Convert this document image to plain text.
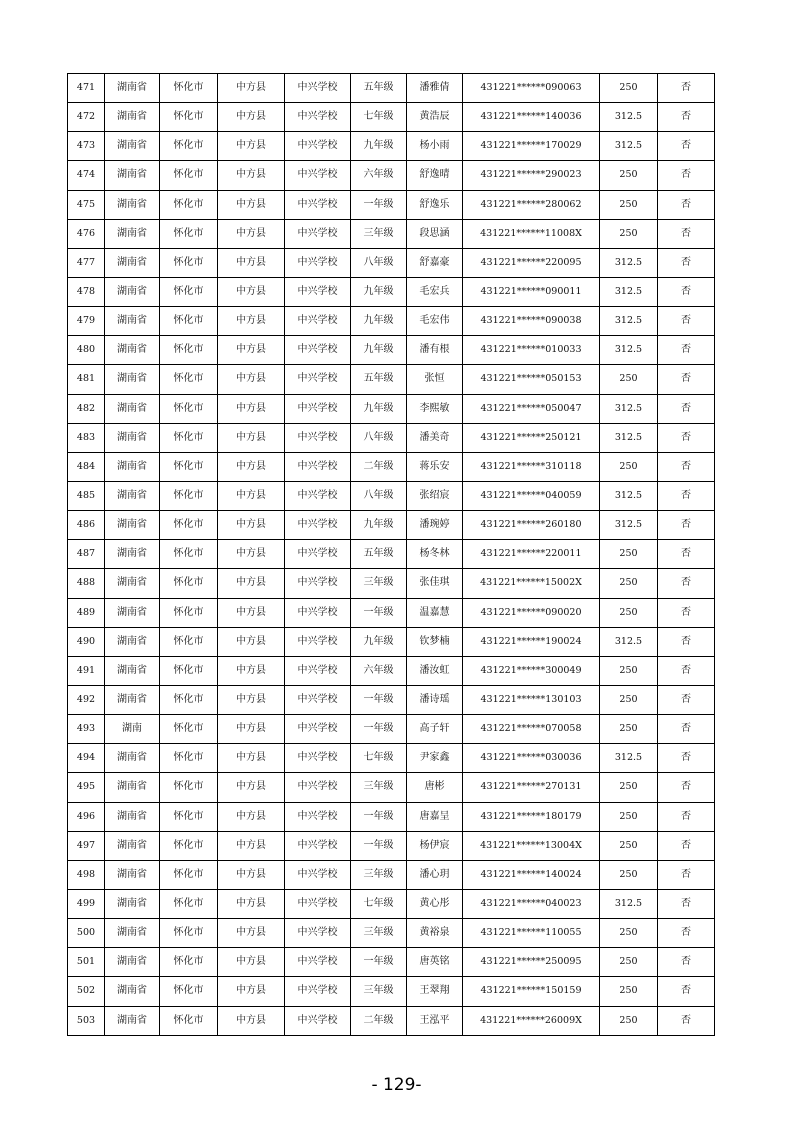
471	湖南省	怀化市	中方县	中兴学校	五年级	潘雅倩	431221******090063	250	否
472	湖南省	怀化市	中方县	中兴学校	七年级	黄浩辰	431221******140036	312.5	否
473	湖南省	怀化市	中方县	中兴学校	九年级	杨小雨	431221******170029	312.5	否
474	湖南省	怀化市	中方县	中兴学校	六年级	舒逸晴	431221******290023	250	否
475	湖南省	怀化市	中方县	中兴学校	一年级	舒逸乐	431221******280062	250	否
476	湖南省	怀化市	中方县	中兴学校	三年级	段思涵	431221******11008X	250	否
477	湖南省	怀化市	中方县	中兴学校	八年级	舒嘉豪	431221******220095	312.5	否
478	湖南省	怀化市	中方县	中兴学校	九年级	毛宏兵	431221******090011	312.5	否
479	湖南省	怀化市	中方县	中兴学校	九年级	毛宏伟	431221******090038	312.5	否
480	湖南省	怀化市	中方县	中兴学校	九年级	潘有根	431221******010033	312.5	否
481	湖南省	怀化市	中方县	中兴学校	五年级	张恒	431221******050153	250	否
482	湖南省	怀化市	中方县	中兴学校	九年级	李熙敏	431221******050047	312.5	否
483	湖南省	怀化市	中方县	中兴学校	八年级	潘美奇	431221******250121	312.5	否
484	湖南省	怀化市	中方县	中兴学校	二年级	蒋乐安	431221******310118	250	否
485	湖南省	怀化市	中方县	中兴学校	八年级	张绍宸	431221******040059	312.5	否
486	湖南省	怀化市	中方县	中兴学校	九年级	潘琬婷	431221******260180	312.5	否
487	湖南省	怀化市	中方县	中兴学校	五年级	杨冬林	431221******220011	250	否
488	湖南省	怀化市	中方县	中兴学校	三年级	张佳琪	431221******15002X	250	否
489	湖南省	怀化市	中方县	中兴学校	一年级	温嘉慧	431221******090020	250	否
490	湖南省	怀化市	中方县	中兴学校	九年级	钦梦楠	431221******190024	312.5	否
491	湖南省	怀化市	中方县	中兴学校	六年级	潘汝虹	431221******300049	250	否
492	湖南省	怀化市	中方县	中兴学校	一年级	潘诗瑶	431221******130103	250	否
493	湖南	怀化市	中方县	中兴学校	一年级	高子轩	431221******070058	250	否
494	湖南省	怀化市	中方县	中兴学校	七年级	尹家鑫	431221******030036	312.5	否
495	湖南省	怀化市	中方县	中兴学校	三年级	唐彬	431221******270131	250	否
496	湖南省	怀化市	中方县	中兴学校	一年级	唐嘉呈	431221******180179	250	否
497	湖南省	怀化市	中方县	中兴学校	一年级	杨伊宸	431221******13004X	250	否
498	湖南省	怀化市	中方县	中兴学校	三年级	潘心玥	431221******140024	250	否
499	湖南省	怀化市	中方县	中兴学校	七年级	黄心彤	431221******040023	312.5	否
500	湖南省	怀化市	中方县	中兴学校	三年级	黄裕泉	431221******110055	250	否
501	湖南省	怀化市	中方县	中兴学校	一年级	唐英铭	431221******250095	250	否
502	湖南省	怀化市	中方县	中兴学校	三年级	王翠翔	431221******150159	250	否
503	湖南省	怀化市	中方县	中兴学校	二年级	王泓平	431221******26009X	250	否
- 129-
